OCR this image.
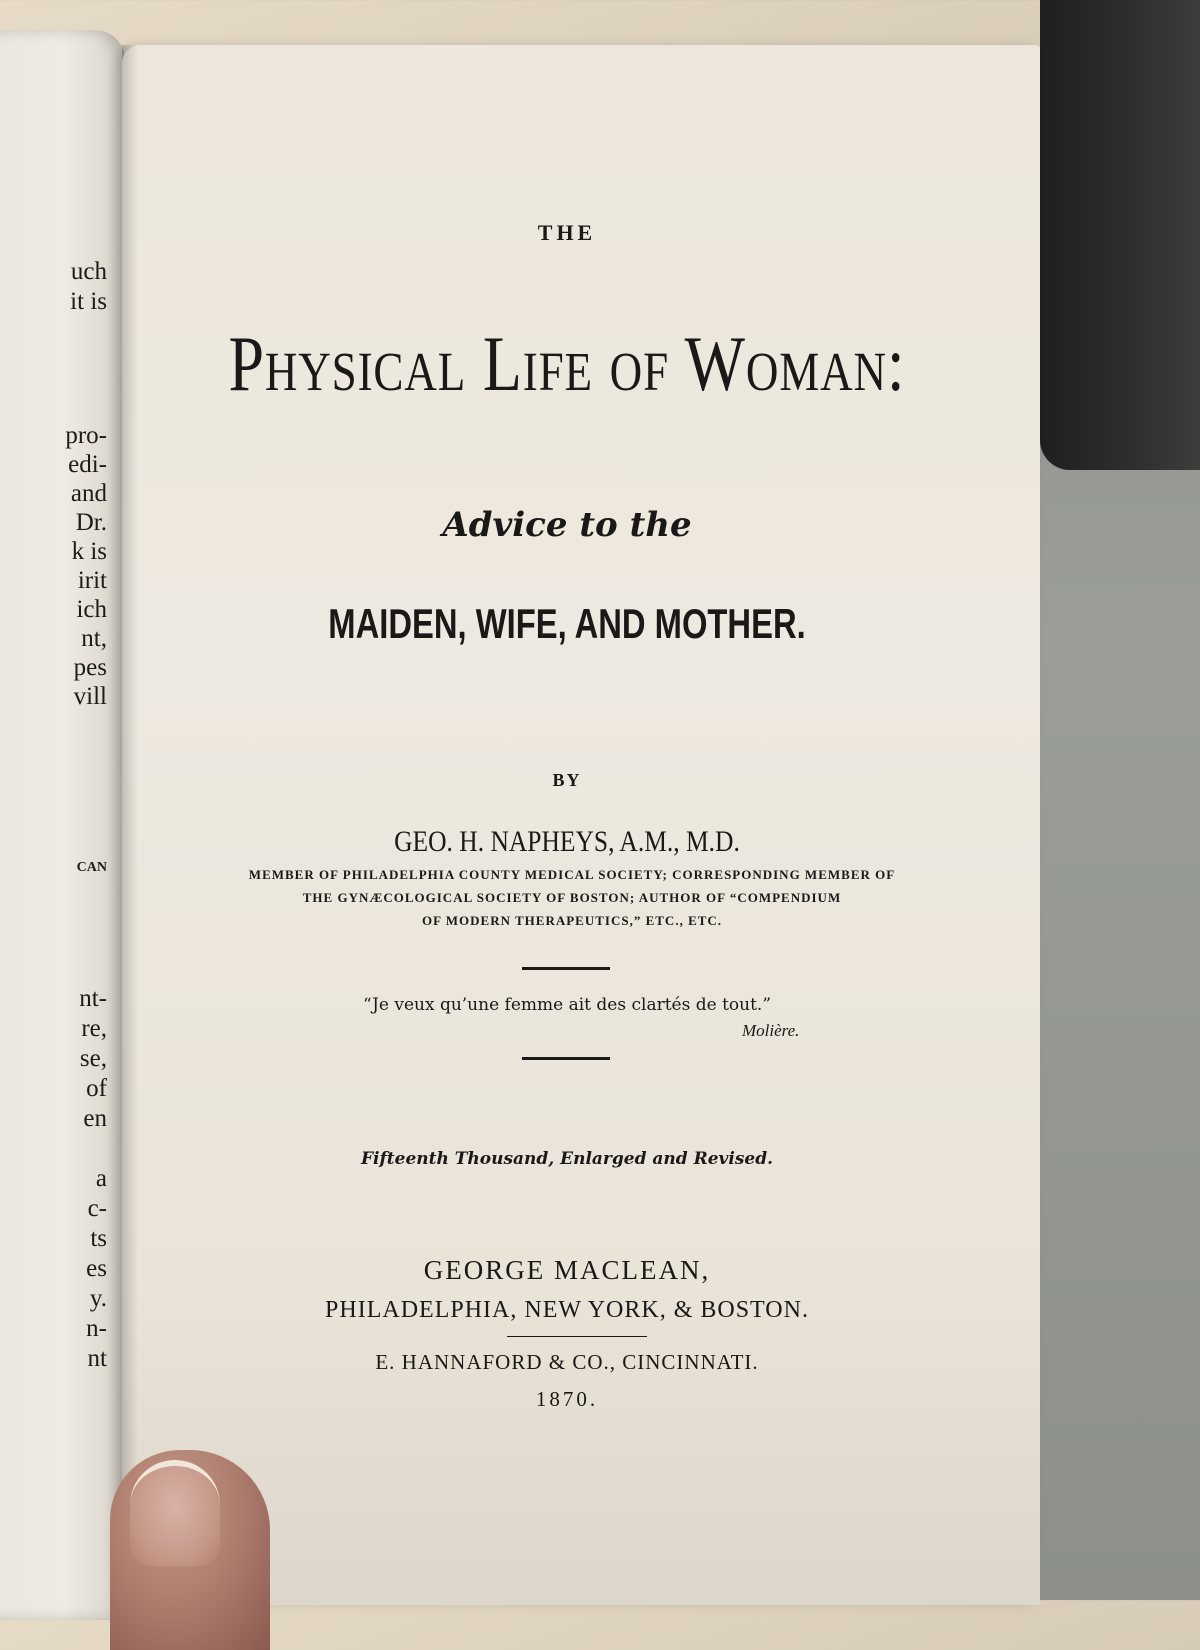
uch
it is
pro-
edi-
and
Dr.
k is
irit
ich
nt,
pes
vill
CAN
nt-
re,
se,
of
en
a
c-
ts
es
y.
n-
nt
THE
Physical Life of Woman:
Advice to the
MAIDEN, WIFE, AND MOTHER.
BY
GEO. H. NAPHEYS, A.M., M.D.
MEMBER OF PHILADELPHIA COUNTY MEDICAL SOCIETY; CORRESPONDING MEMBER OF
THE GYNÆCOLOGICAL SOCIETY OF BOSTON; AUTHOR OF “COMPENDIUM
OF MODERN THERAPEUTICS,” ETC., ETC.
“Je veux qu’une femme ait des clartés de tout.”
Molière.
Fifteenth Thousand, Enlarged and Revised.
GEORGE MACLEAN,
PHILADELPHIA, NEW YORK, & BOSTON.
E. HANNAFORD & CO., CINCINNATI.
1870.
